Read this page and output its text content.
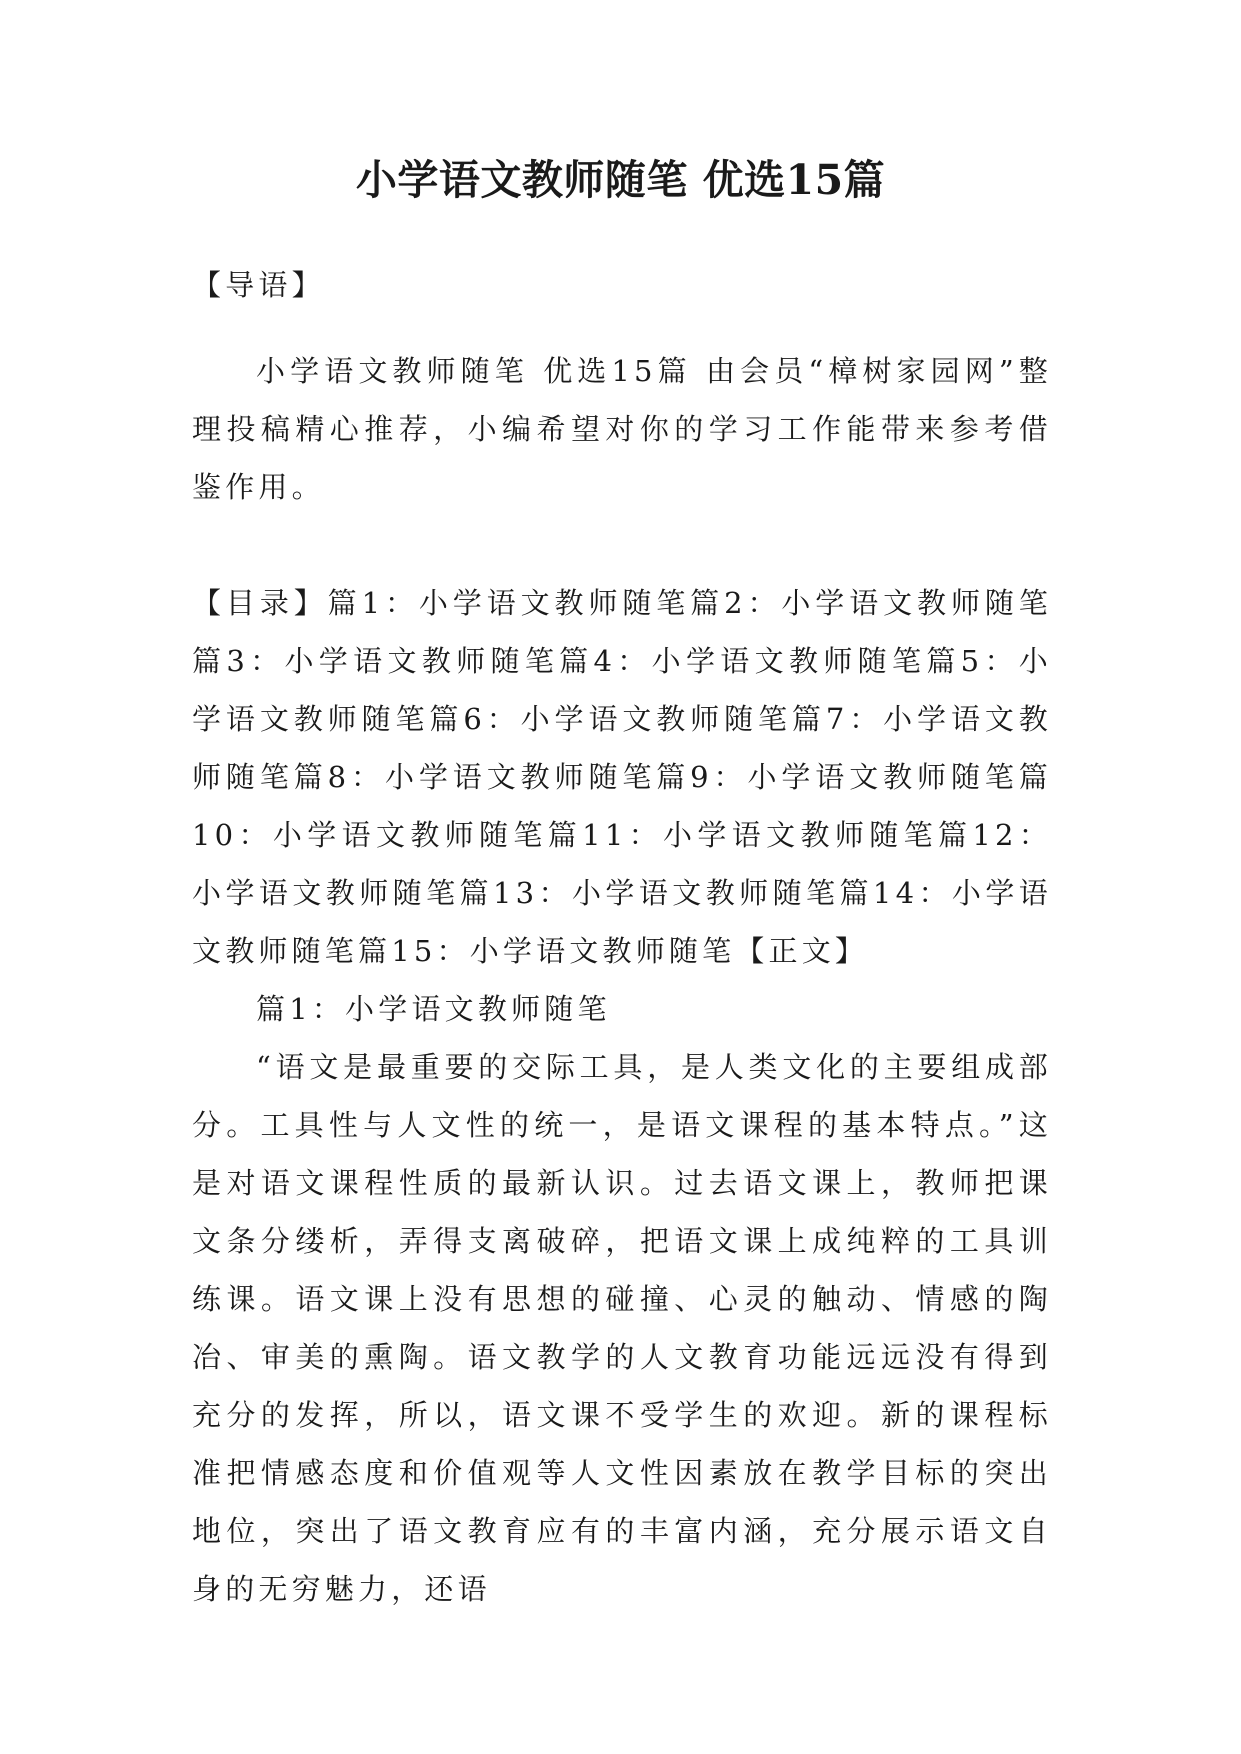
小学语文教师随笔 优选15篇

【导语】

小学语文教师随笔 优选15篇 由会员“樟树家园网”整理投稿精心推荐，小编希望对你的学习工作能带来参考借鉴作用。

【目录】篇1：小学语文教师随笔篇2：小学语文教师随笔篇3：小学语文教师随笔篇4：小学语文教师随笔篇5：小学语文教师随笔篇6：小学语文教师随笔篇7：小学语文教师随笔篇8：小学语文教师随笔篇9：小学语文教师随笔篇10：小学语文教师随笔篇11：小学语文教师随笔篇12：小学语文教师随笔篇13：小学语文教师随笔篇14：小学语文教师随笔篇15：小学语文教师随笔【正文】

篇1：小学语文教师随笔

“语文是最重要的交际工具，是人类文化的主要组成部分。工具性与人文性的统一，是语文课程的基本特点。”这是对语文课程性质的最新认识。过去语文课上，教师把课文条分缕析，弄得支离破碎，把语文课上成纯粹的工具训练课。语文课上没有思想的碰撞、心灵的触动、情感的陶冶、审美的熏陶。语文教学的人文教育功能远远没有得到充分的发挥，所以，语文课不受学生的欢迎。新的课程标准把情感态度和价值观等人文性因素放在教学目标的突出地位，突出了语文教育应有的丰富内涵，充分展示语文自身的无穷魅力，还语
